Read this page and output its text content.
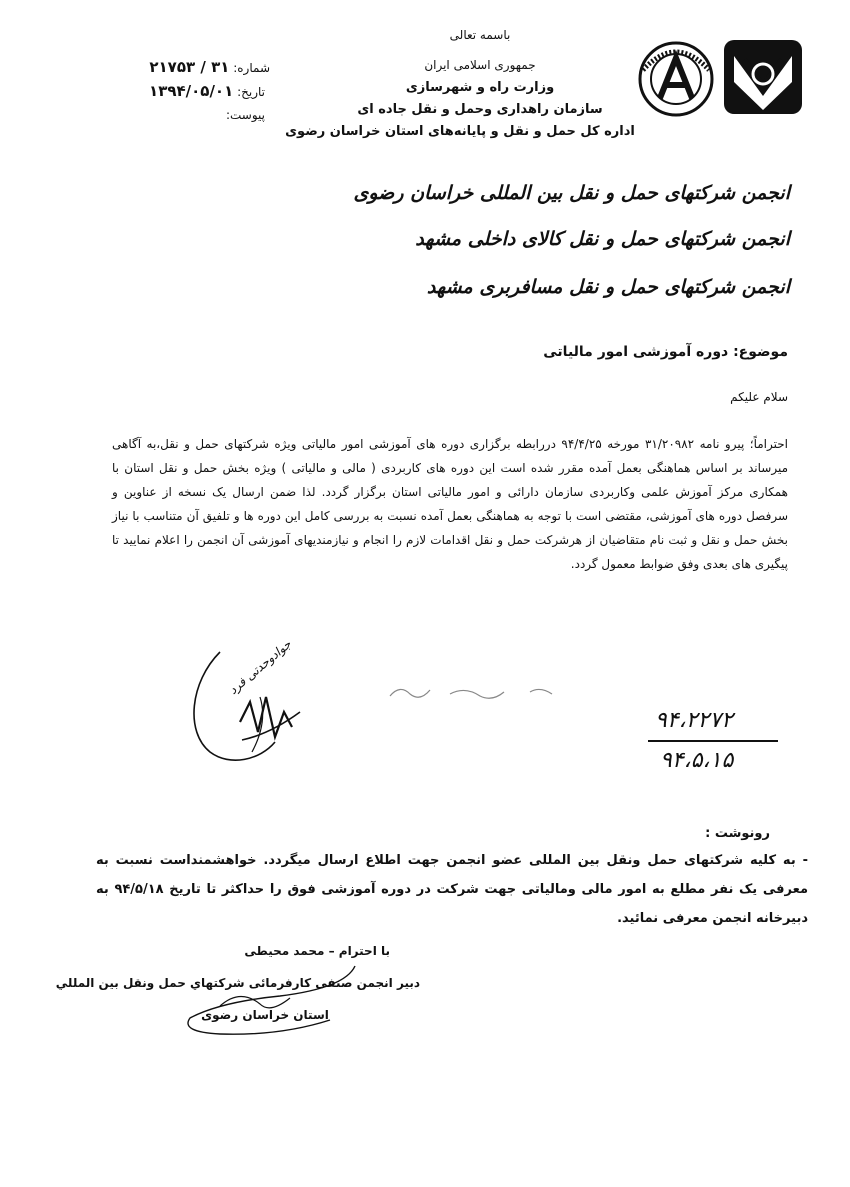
باسمه تعالی
جمهوری اسلامی ایران
وزارت راه و شهرسازی
سازمان راهداری وحمل و نقل جاده ای
اداره کل حمل و نقل و پایانه‌های استان خراسان رضوی
شماره: ۳۱ / ۲۱۷۵۳
تاریخ: ۱۳۹۴/۰۵/۰۱
پیوست:
انجمن شرکتهای حمل و نقل بین المللی خراسان رضوی
انجمن شرکتهای حمل و نقل کالای داخلی مشهد
انجمن شرکتهای حمل و نقل مسافربری مشهد
موضوع: دوره آموزشی امور مالیاتی
سلام علیکم
احتراماً؛ پیرو نامه ۳۱/۲۰۹۸۲ مورخه ۹۴/۴/۲۵ دررابطه برگزاری دوره های آموزشی امور مالیاتی ویژه شرکتهای حمل و نقل،به آگاهی میرساند بر اساس هماهنگی بعمل آمده مقرر شده است این دوره های کاربردی ( مالی و مالیاتی ) ویژه بخش حمل و نقل استان با همکاری مرکز آموزش علمی وکاربردی سازمان دارائی و امور مالیاتی استان برگزار گردد. لذا ضمن ارسال یک نسخه از عناوین و سرفصل دوره های آموزشی، مقتضی است با توجه به هماهنگی بعمل آمده نسبت به بررسی کامل این دوره ها و تلفیق آن متناسب با نیاز بخش حمل و نقل و ثبت نام متقاضیان از هرشرکت حمل و نقل اقدامات لازم را انجام و نیازمندیهای آموزشی آن انجمن را اعلام نمایید تا پیگیری های بعدی وفق ضوابط معمول گردد.
جوادوحدتی فرد
۹۴،۲۲۷۲
۹۴،۵،۱۵
رونوشت :
- به کلیه شرکتهای حمل ونقل بین المللی عضو انجمن جهت اطلاع ارسال میگردد. خواهشمنداست نسبت به معرفی یک نفر مطلع به امور مالی ومالیاتی جهت شرکت در دوره آموزشی فوق را حداکثر تا تاریخ ۹۴/۵/۱۸ به دبیرخانه انجمن معرفی نمائید.
با احترام – محمد محیطی
دبیر انجمن صنفی کارفرمائی شرکتهاي حمل ونقل بین المللي
استان خراسان رضوی
